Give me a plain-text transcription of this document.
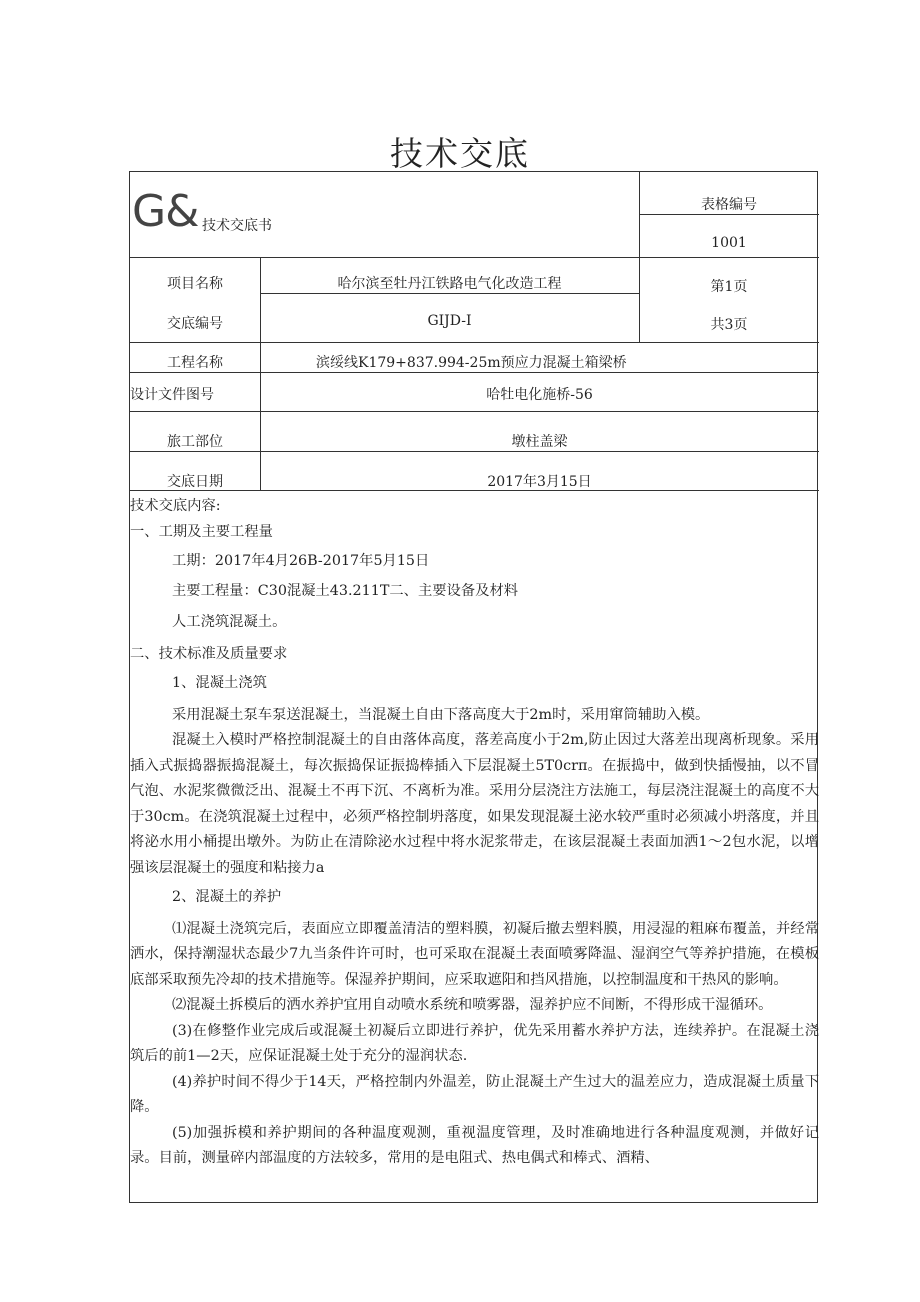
技术交底
G& 技术交底书
表格编号
1001
第1页
共3页
项目名称	哈尔滨至牡丹江铁路电气化改造工程
交底编号	GIJD-I
工程名称	滨绥线K179+837.994-25m预应力混凝土箱梁桥
设计文件图号	哈牡电化施桥-56
旅工部位	墩柱盖梁
交底日期	2017年3月15日

技术交底内容:

一、工期及主要工程量

工期：2017年4月26B-2017年5月15日

主要工程量：C30混凝土43.211T二、主要设备及材料

人工浇筑混凝土。

二、技术标准及质量要求

1、混凝土浇筑

采用混凝土泵车泵送混凝土，当混凝土自由下落高度大于2m时，采用窜筒辅助入模。

混凝土入模时严格控制混凝土的自由落体高度，落差高度小于2m,防止因过大落差出现离析现象。采用插入式振捣器振捣混凝土，每次振捣保证振捣棒插入下层混凝土5T0crπ。在振捣中，做到快插慢抽，以不冒气泡、水泥浆微微泛出、混凝土不再下沉、不离析为准。采用分层浇注方法施工，每层浇注混凝土的高度不大于30cm。在浇筑混凝土过程中，必须严格控制坍落度，如果发现混凝土泌水较严重时必须减小坍落度，并且将泌水用小桶提出墩外。为防止在清除泌水过程中将水泥浆带走，在该层混凝土表面加洒1～2包水泥，以增强该层混凝土的强度和粘接力a

2、混凝土的养护

⑴混凝土浇筑完后，表面应立即覆盖清洁的塑料膜，初凝后撤去塑料膜，用浸湿的粗麻布覆盖，并经常洒水，保持潮湿状态最少7九当条件许可时，也可采取在混凝土表面喷雾降温、湿润空气等养护措施，在模板底部采取预先冷却的技术措施等。保湿养护期间，应采取遮阳和挡风措施，以控制温度和干热风的影响。

⑵混凝土拆模后的洒水养护宜用自动喷水系统和喷雾器，湿养护应不间断，不得形成干湿循环。

(3)在修整作业完成后或混凝土初凝后立即进行养护，优先采用蓄水养护方法，连续养护。在混凝土浇筑后的前1—2天，应保证混凝土处于充分的湿润状态.

(4)养护时间不得少于14天，严格控制内外温差，防止混凝土产生过大的温差应力，造成混凝土质量下降。

(5)加强拆模和养护期间的各种温度观测，重视温度管理，及时准确地进行各种温度观测，并做好记录。目前，测量碎内部温度的方法较多，常用的是电阻式、热电偶式和棒式、酒精、
